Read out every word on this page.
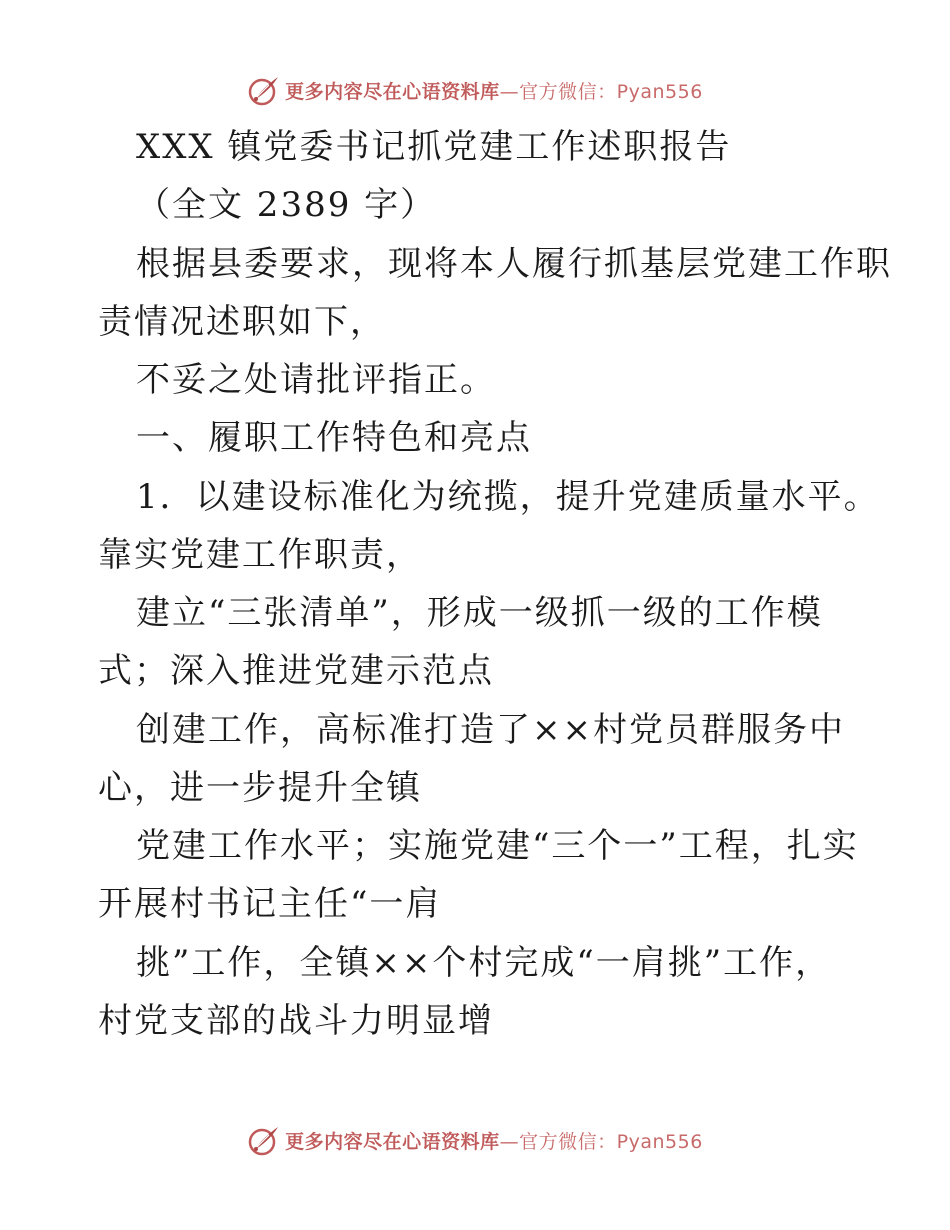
更多内容尽在心语资料库—官方微信：Pyan556
XXX 镇党委书记抓党建工作述职报告
（全文 2389 字）
根据县委要求，现将本人履行抓基层党建工作职
责情况述职如下，
不妥之处请批评指正。
一、履职工作特色和亮点
1．以建设标准化为统揽，提升党建质量水平。
靠实党建工作职责，
建立“三张清单”，形成一级抓一级的工作模
式；深入推进党建示范点
创建工作，高标准打造了××村党员群服务中
心，进一步提升全镇
党建工作水平；实施党建“三个一”工程，扎实
开展村书记主任“一肩
挑”工作，全镇××个村完成“一肩挑”工作，
村党支部的战斗力明显增
更多内容尽在心语资料库—官方微信：Pyan556
